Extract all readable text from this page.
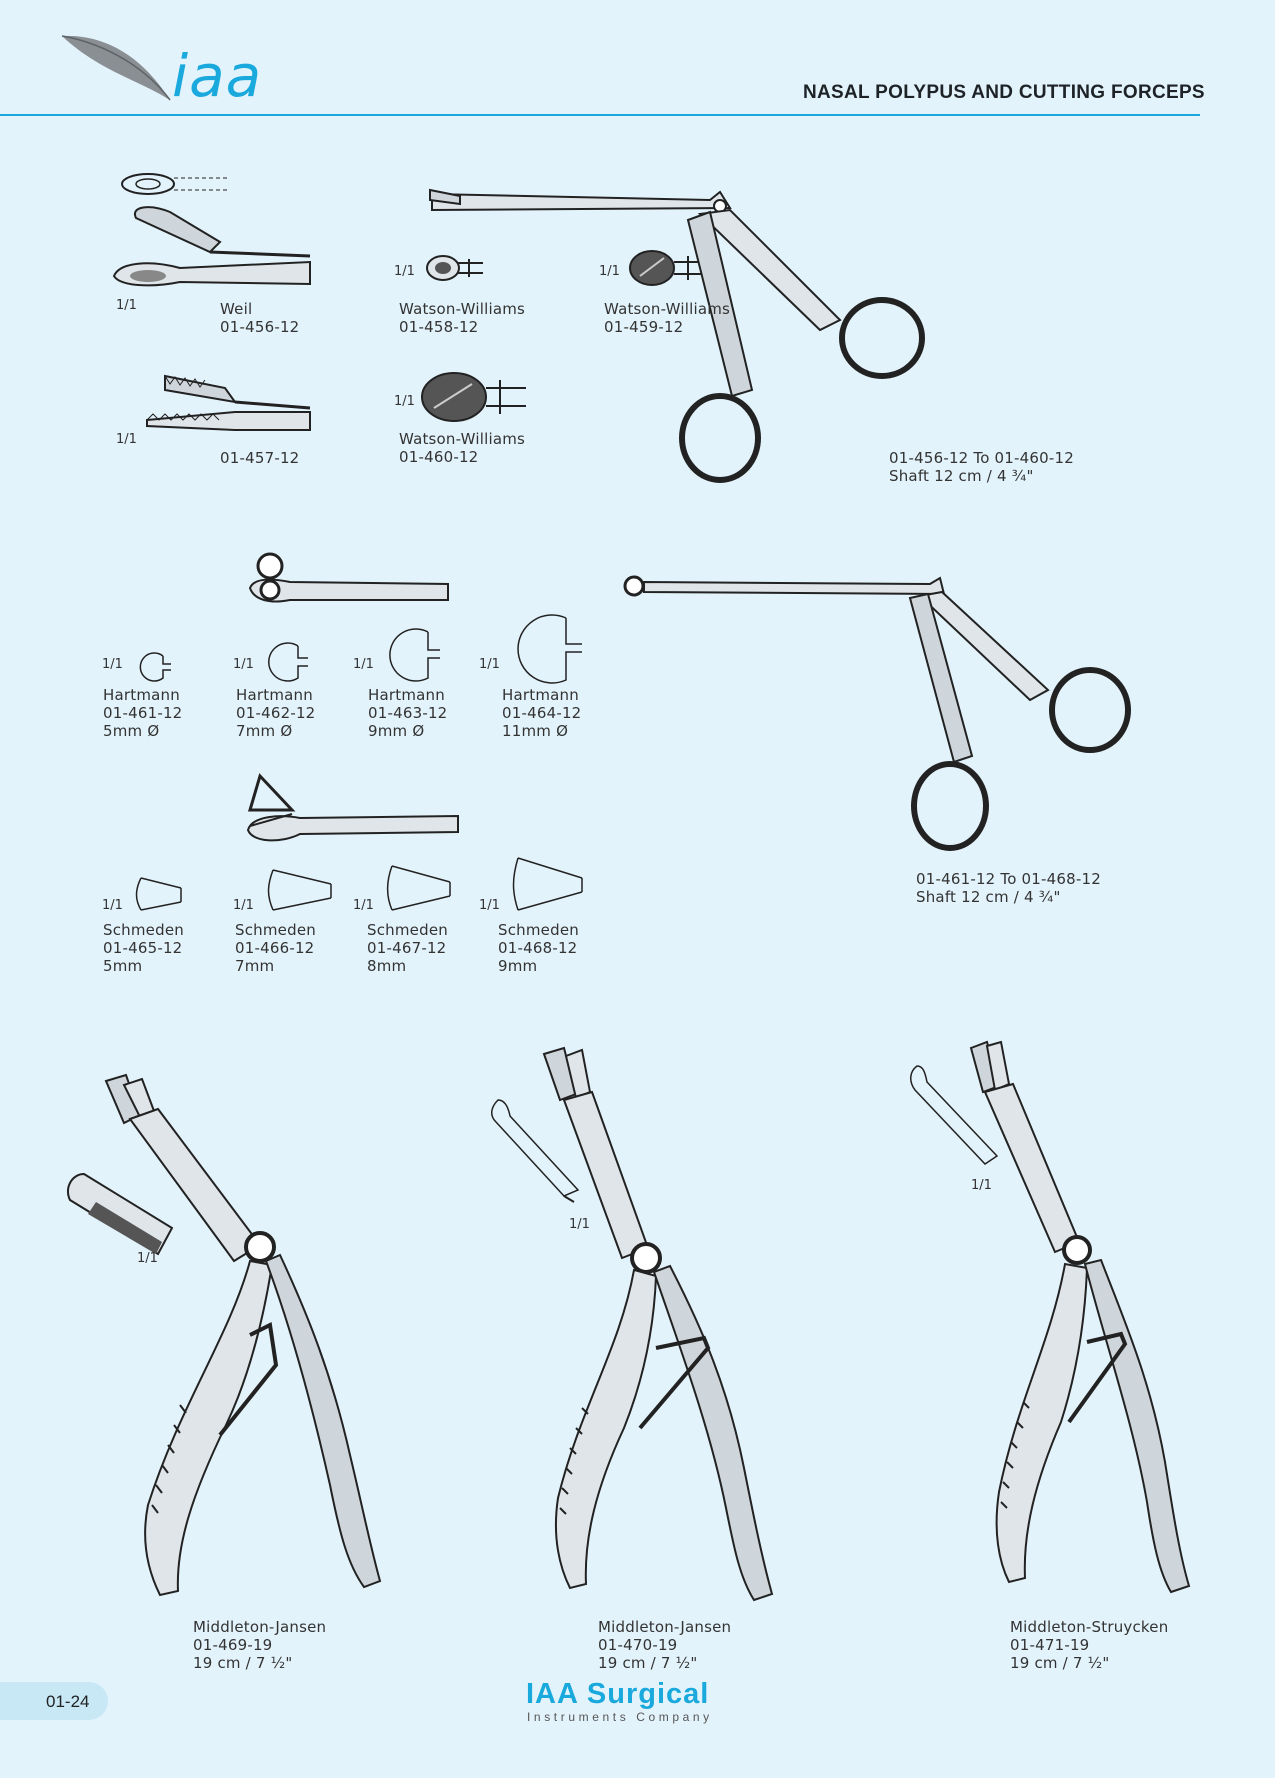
iaa	NASAL POLYPUS AND CUTTING FORCEPS
1/1	Weil
01-456-12
1/1
01-457-12
1/1
Watson-Williams
01-458-12
1/1
Watson-Williams
01-459-12
1/1
Watson-Williams
01-460-12	01-456-12 To 01-460-12
Shaft 12 cm / 4 ¾"
1/1
Hartmann
01-461-12
5mm Ø
1/1
Hartmann
01-462-12
7mm Ø
1/1
Hartmann
01-463-12
9mm Ø
1/1
Hartmann
01-464-12
11mm Ø
1/1
Schmeden
01-465-12
5mm
1/1
Schmeden
01-466-12
7mm
1/1
Schmeden
01-467-12
8mm
1/1
Schmeden
01-468-12
9mm
01-461-12 To 01-468-12
Shaft 12 cm / 4 ¾"
1/1
Middleton-Jansen
01-469-19
19 cm / 7 ½"
1/1
Middleton-Jansen
01-470-19
19 cm / 7 ½"
1/1
Middleton-Struycken
01-471-19
19 cm / 7 ½"
01-24	IAA Surgical
Instruments Company
